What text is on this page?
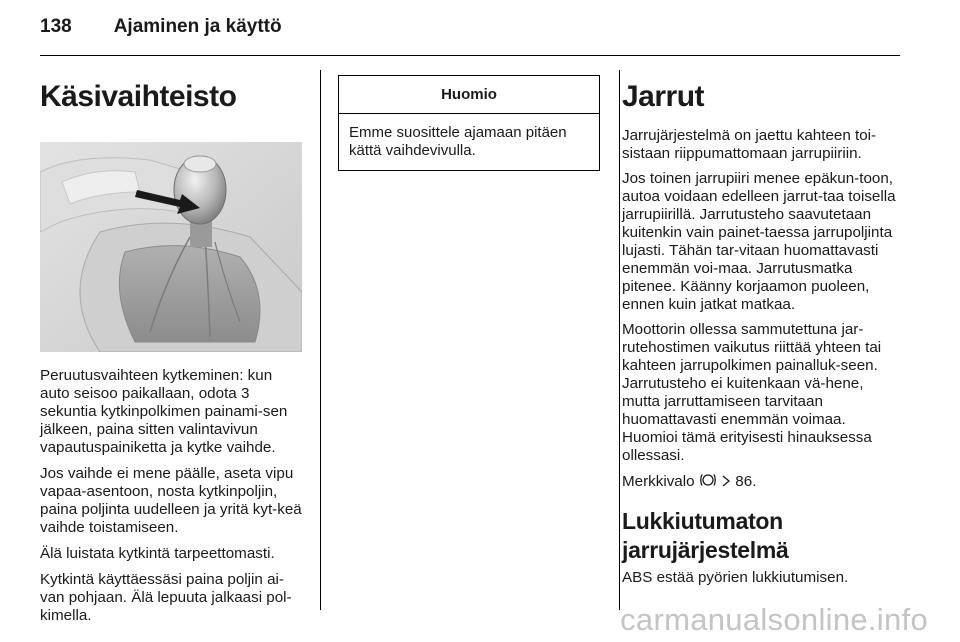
138 Ajaminen ja käyttö
Käsivaihteisto

Peruutusvaihteen kytkeminen: kun auto seisoo paikallaan, odota 3 sekuntia kytkinpolkimen painami-sen jälkeen, paina sitten valintavivun vapautuspainiketta ja kytke vaihde.

Jos vaihde ei mene päälle, aseta vipu vapaa-asentoon, nosta kytkinpoljin, paina poljinta uudelleen ja yritä kyt-keä vaihde toistamiseen.

Älä luistata kytkintä tarpeettomasti.

Kytkintä käyttäessäsi paina poljin ai-van pohjaan. Älä lepuuta jalkaasi pol-kimella.

Huomio
Emme suosittele ajamaan pitäen kättä vaihdevivulla.
Jarrut

Jarrujärjestelmä on jaettu kahteen toi-sistaan riippumattomaan jarrupiiriin.

Jos toinen jarrupiiri menee epäkun-toon, autoa voidaan edelleen jarrut-taa toisella jarrupiirillä. Jarrutusteho saavutetaan kuitenkin vain painet-taessa jarrupoljinta lujasti. Tähän tar-vitaan huomattavasti enemmän voi-maa. Jarrutusmatka pitenee. Käänny korjaamon puoleen, ennen kuin jatkat matkaa.

Moottorin ollessa sammutettuna jar-rutehostimen vaikutus riittää yhteen tai kahteen jarrupolkimen painalluk-seen. Jarrutusteho ei kuitenkaan vä-hene, mutta jarruttamiseen tarvitaan huomattavasti enemmän voimaa. Huomioi tämä erityisesti hinauksessa ollessasi.

Merkkivalo	86.

Lukkiutumaton jarrujärjestelmä

ABS estää pyörien lukkiutumisen.

carmanualsonline.info
